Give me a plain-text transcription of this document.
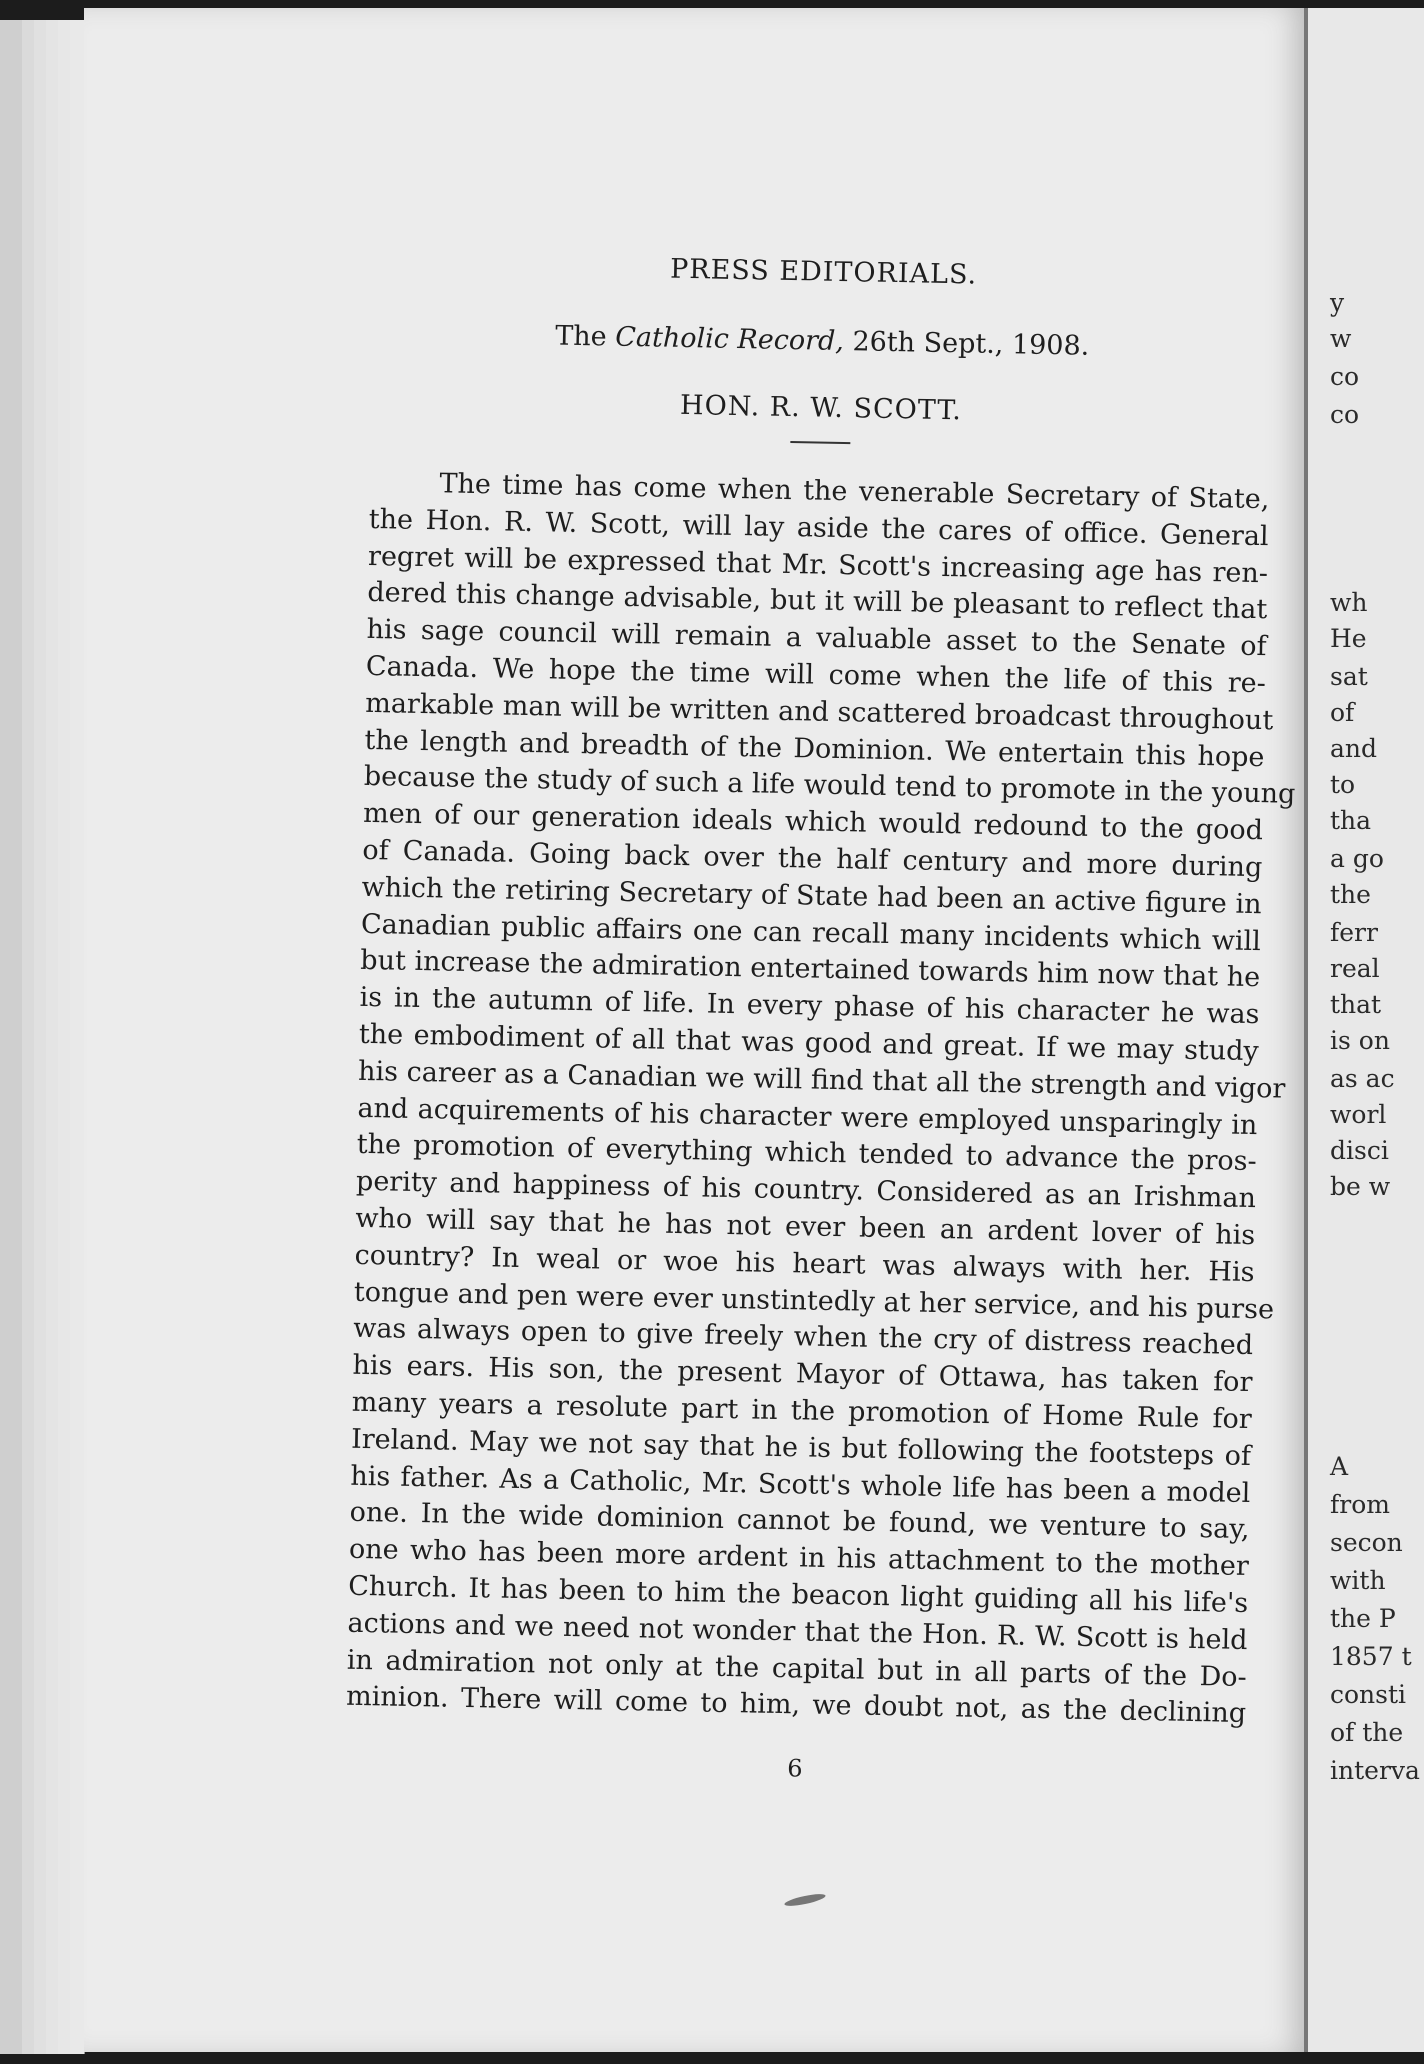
PRESS EDITORIALS.
The Catholic Record, 26th Sept., 1908.
HON. R. W. SCOTT.
The time has come when the venerable Secretary of State,
the Hon. R. W. Scott, will lay aside the cares of office. General
regret will be expressed that Mr. Scott's increasing age has ren-
dered this change advisable, but it will be pleasant to reflect that
his sage council will remain a valuable asset to the Senate of
Canada. We hope the time will come when the life of this re-
markable man will be written and scattered broadcast throughout
the length and breadth of the Dominion. We entertain this hope
because the study of such a life would tend to promote in the young
men of our generation ideals which would redound to the good
of Canada. Going back over the half century and more during
which the retiring Secretary of State had been an active figure in
Canadian public affairs one can recall many incidents which will
but increase the admiration entertained towards him now that he
is in the autumn of life. In every phase of his character he was
the embodiment of all that was good and great. If we may study
his career as a Canadian we will find that all the strength and vigor
and acquirements of his character were employed unsparingly in
the promotion of everything which tended to advance the pros-
perity and happiness of his country. Considered as an Irishman
who will say that he has not ever been an ardent lover of his
country? In weal or woe his heart was always with her. His
tongue and pen were ever unstintedly at her service, and his purse
was always open to give freely when the cry of distress reached
his ears. His son, the present Mayor of Ottawa, has taken for
many years a resolute part in the promotion of Home Rule for
Ireland. May we not say that he is but following the footsteps of
his father. As a Catholic, Mr. Scott's whole life has been a model
one. In the wide dominion cannot be found, we venture to say,
one who has been more ardent in his attachment to the mother
Church. It has been to him the beacon light guiding all his life's
actions and we need not wonder that the Hon. R. W. Scott is held
in admiration not only at the capital but in all parts of the Do-
minion. There will come to him, we doubt not, as the declining
6
y
w
co
co
wh
He
sat
of
and
to
tha
a go
the
ferr
real
that
is on
as ac
worl
disci
be w
A
from
secon
with
the P
1857 t
consti
of the
interva
